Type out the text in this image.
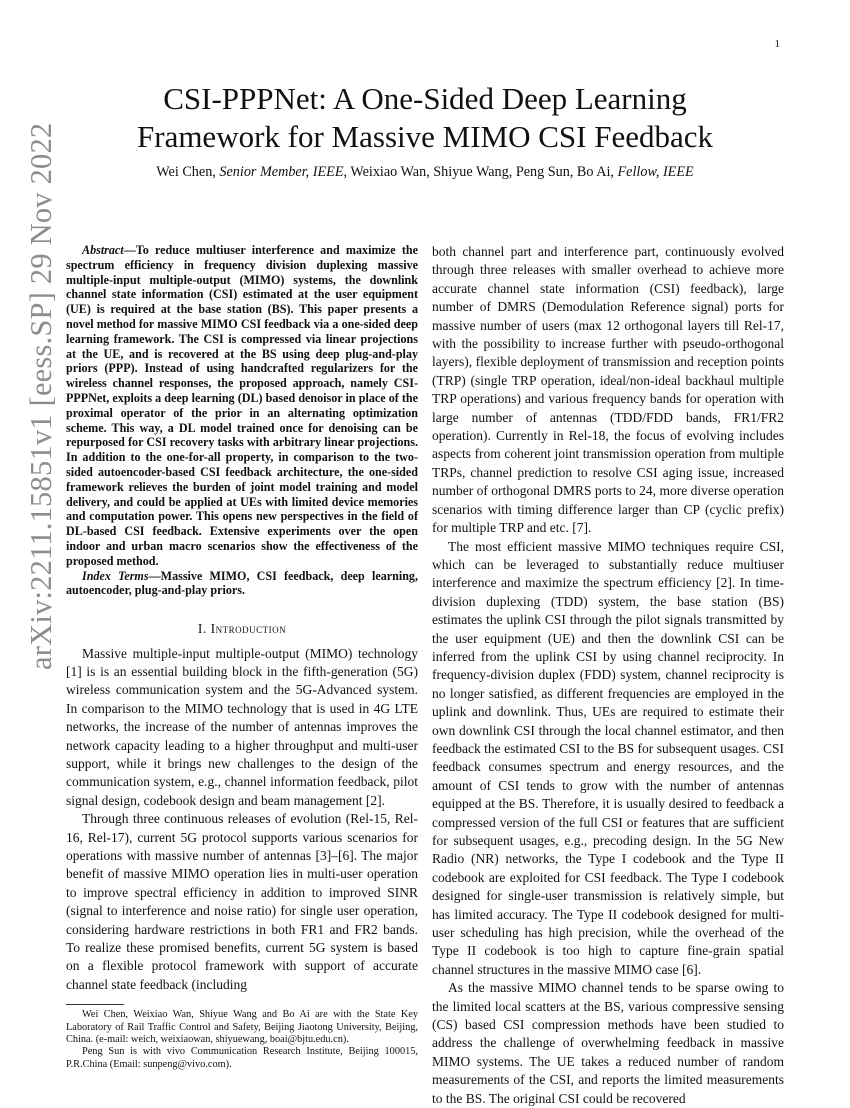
1
arXiv:2211.15851v1 [eess.SP] 29 Nov 2022
CSI-PPPNet: A One-Sided Deep Learning
Framework for Massive MIMO CSI Feedback
Wei Chen, Senior Member, IEEE, Weixiao Wan, Shiyue Wang, Peng Sun, Bo Ai, Fellow, IEEE

Abstract—To reduce multiuser interference and maximize the spectrum efficiency in frequency division duplexing massive multiple-input multiple-output (MIMO) systems, the downlink channel state information (CSI) estimated at the user equipment (UE) is required at the base station (BS). This paper presents a novel method for massive MIMO CSI feedback via a one-sided deep learning framework. The CSI is compressed via linear projections at the UE, and is recovered at the BS using deep plug-and-play priors (PPP). Instead of using handcrafted regularizers for the wireless channel responses, the proposed approach, namely CSI-PPPNet, exploits a deep learning (DL) based denoisor in place of the proximal operator of the prior in an alternating optimization scheme. This way, a DL model trained once for denoising can be repurposed for CSI recovery tasks with arbitrary linear projections. In addition to the one-for-all property, in comparison to the two-sided autoencoder-based CSI feedback architecture, the one-sided framework relieves the burden of joint model training and model delivery, and could be applied at UEs with limited device memories and computation power. This opens new perspectives in the field of DL-based CSI feedback. Extensive experiments over the open indoor and urban macro scenarios show the effectiveness of the proposed method.

Index Terms—Massive MIMO, CSI feedback, deep learning, autoencoder, plug-and-play priors.

I. Introduction

Massive multiple-input multiple-output (MIMO) technology [1] is is an essential building block in the fifth-generation (5G) wireless communication system and the 5G-Advanced system. In comparison to the MIMO technology that is used in 4G LTE networks, the increase of the number of antennas improves the network capacity leading to a higher throughput and multi-user support, while it brings new challenges to the design of the communication system, e.g., channel information feedback, pilot signal design, codebook design and beam management [2].

Through three continuous releases of evolution (Rel-15, Rel-16, Rel-17), current 5G protocol supports various scenarios for operations with massive number of antennas [3]–[6]. The major benefit of massive MIMO operation lies in multi-user operation to improve spectral efficiency in addition to improved SINR (signal to interference and noise ratio) for single user operation, considering hardware restrictions in both FR1 and FR2 bands. To realize these promised benefits, current 5G system is based on a flexible protocol framework with support of accurate channel state feedback (including

Wei Chen, Weixiao Wan, Shiyue Wang and Bo Ai are with the State Key Laboratory of Rail Traffic Control and Safety, Beijing Jiaotong University, Beijing, China. (e-mail: weich, weixiaowan, shiyuewang, boai@bjtu.edu.cn).

Peng Sun is with vivo Communication Research Institute, Beijing 100015, P.R.China (Email: sunpeng@vivo.com).

both channel part and interference part, continuously evolved through three releases with smaller overhead to achieve more accurate channel state information (CSI) feedback), large number of DMRS (Demodulation Reference signal) ports for massive number of users (max 12 orthogonal layers till Rel-17, with the possibility to increase further with pseudo-orthogonal layers), flexible deployment of transmission and reception points (TRP) (single TRP operation, ideal/non-ideal backhaul multiple TRP operations) and various frequency bands for operation with large number of antennas (TDD/FDD bands, FR1/FR2 operation). Currently in Rel-18, the focus of evolving includes aspects from coherent joint transmission operation from multiple TRPs, channel prediction to resolve CSI aging issue, increased number of orthogonal DMRS ports to 24, more diverse operation scenarios with timing difference larger than CP (cyclic prefix) for multiple TRP and etc. [7].

The most efficient massive MIMO techniques require CSI, which can be leveraged to substantially reduce multiuser interference and maximize the spectrum efficiency [2]. In time-division duplexing (TDD) system, the base station (BS) estimates the uplink CSI through the pilot signals transmitted by the user equipment (UE) and then the downlink CSI can be inferred from the uplink CSI by using channel reciprocity. In frequency-division duplex (FDD) system, channel reciprocity is no longer satisfied, as different frequencies are employed in the uplink and downlink. Thus, UEs are required to estimate their own downlink CSI through the local channel estimator, and then feedback the estimated CSI to the BS for subsequent usages. CSI feedback consumes spectrum and energy resources, and the amount of CSI tends to grow with the number of antennas equipped at the BS. Therefore, it is usually desired to feedback a compressed version of the full CSI or features that are sufficient for subsequent usages, e.g., precoding design. In the 5G New Radio (NR) networks, the Type I codebook and the Type II codebook are exploited for CSI feedback. The Type I codebook designed for single-user transmission is relatively simple, but has limited accuracy. The Type II codebook designed for multi-user scheduling has high precision, while the overhead of the Type II codebook is too high to capture fine-grain spatial channel structures in the massive MIMO case [6].

As the massive MIMO channel tends to be sparse owing to the limited local scatters at the BS, various compressive sensing (CS) based CSI compression methods have been studied to address the challenge of overwhelming feedback in massive MIMO systems. The UE takes a reduced number of random measurements of the CSI, and reports the limited measurements to the BS. The original CSI could be recovered
